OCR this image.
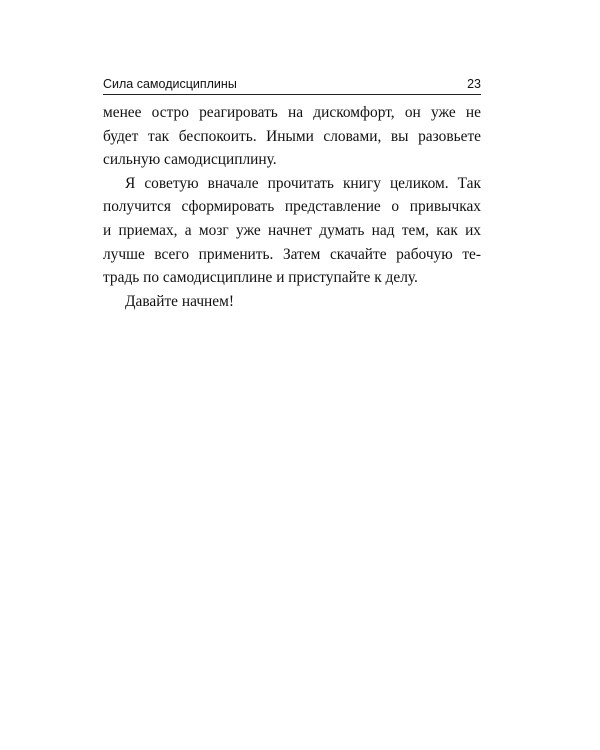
Сила самодисциплины	23

менее остро реагировать на дискомфорт, он уже не
будет так беспокоить. Иными словами, вы разовьете
сильную самодисциплину.

Я советую вначале прочитать книгу целиком. Так
получится сформировать представление о привычках
и приемах, а мозг уже начнет думать над тем, как их
лучше всего применить. Затем скачайте рабочую те-
традь по самодисциплине и приступайте к делу.

Давайте начнем!
